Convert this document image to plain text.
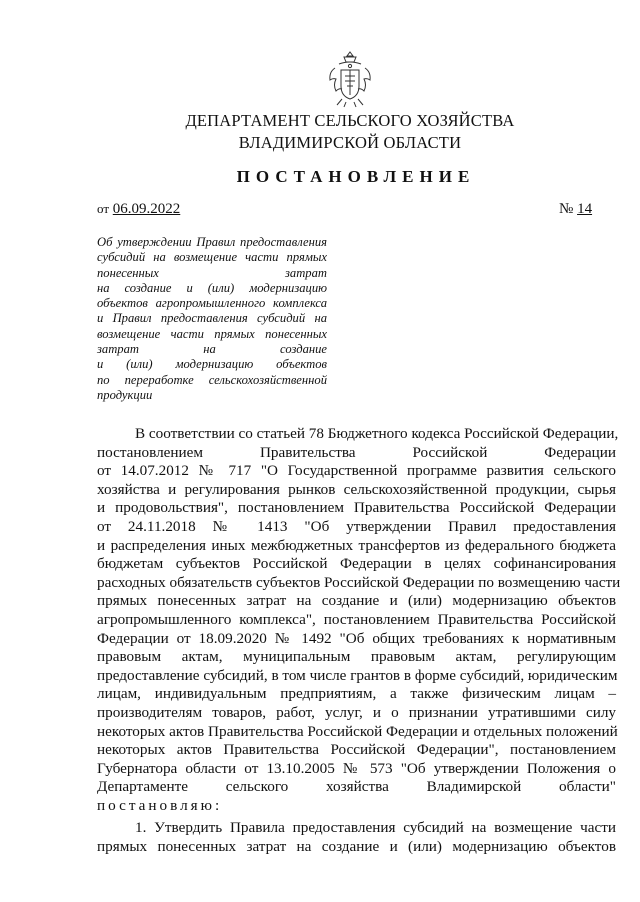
ДЕПАРТАМЕНТ СЕЛЬСКОГО ХОЗЯЙСТВА
ВЛАДИМИРСКОЙ ОБЛАСТИ
ПОСТАНОВЛЕНИЕ
от 06.09.2022	№ 14
Об утверждении Правил предоставления
субсидий на возмещение части прямых
понесенных затрат
на создание и (или) модернизацию
объектов агропромышленного комплекса
и Правил предоставления субсидий на
возмещение части прямых понесенных
затрат на создание
и (или) модернизацию объектов
по переработке сельскохозяйственной
продукции
В соответствии со статьей 78 Бюджетного кодекса Российской Федерации,
постановлением Правительства Российской Федерации
от 14.07.2012 № 717 "О Государственной программе развития сельского
хозяйства и регулирования рынков сельскохозяйственной продукции, сырья
и продовольствия", постановлением Правительства Российской Федерации
от 24.11.2018 № 1413 "Об утверждении Правил предоставления
и распределения иных межбюджетных трансфертов из федерального бюджета
бюджетам субъектов Российской Федерации в целях софинансирования
расходных обязательств субъектов Российской Федерации по возмещению части
прямых понесенных затрат на создание и (или) модернизацию объектов
агропромышленного комплекса", постановлением Правительства Российской
Федерации от 18.09.2020 № 1492 "Об общих требованиях к нормативным
правовым актам, муниципальным правовым актам, регулирующим
предоставление субсидий, в том числе грантов в форме субсидий, юридическим
лицам, индивидуальным предприятиям, а также физическим лицам –
производителям товаров, работ, услуг, и о признании утратившими силу
некоторых актов Правительства Российской Федерации и отдельных положений
некоторых актов Правительства Российской Федерации", постановлением
Губернатора области от 13.10.2005 № 573 "Об утверждении Положения о
Департаменте сельского хозяйства Владимирской области"
постановляю:
1. Утвердить Правила предоставления субсидий на возмещение части
прямых понесенных затрат на создание и (или) модернизацию объектов
